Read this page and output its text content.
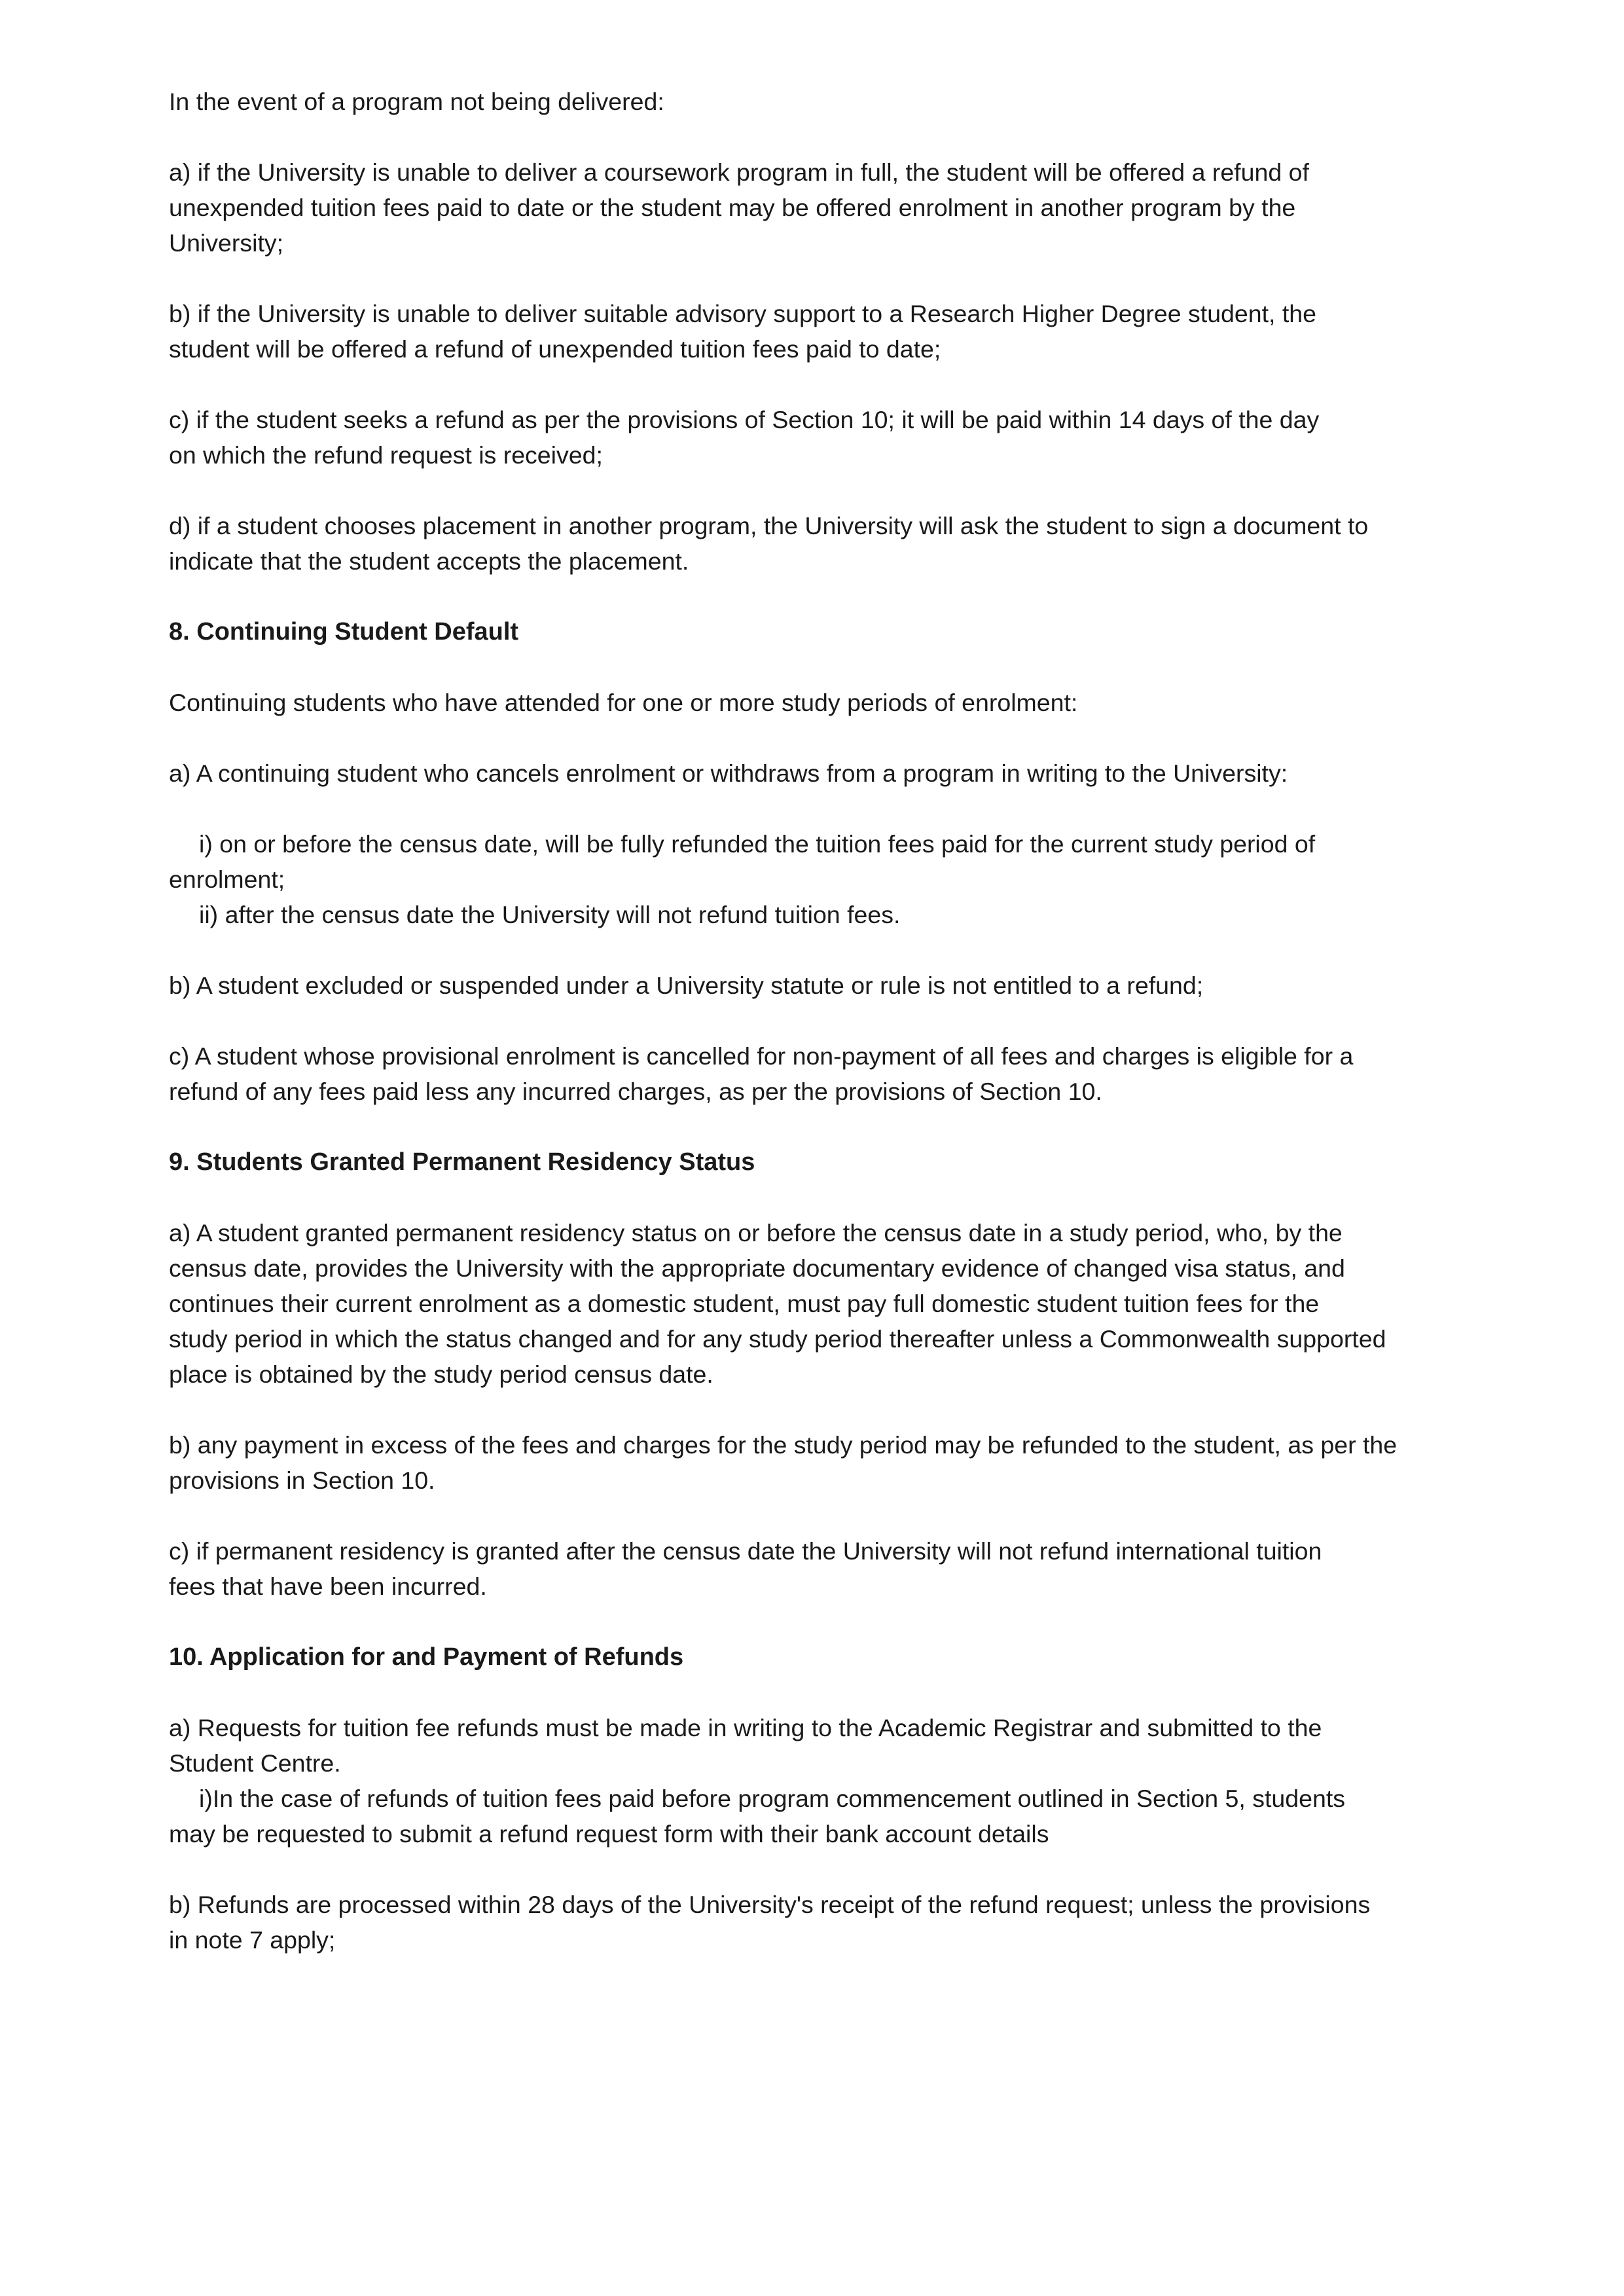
In the event of a program not being delivered:

a) if the University is unable to deliver a coursework program in full, the student will be offered a refund of
unexpended tuition fees paid to date or the student may be offered enrolment in another program by the
University;

b) if the University is unable to deliver suitable advisory support to a Research Higher Degree student, the
student will be offered a refund of unexpended tuition fees paid to date;

c) if the student seeks a refund as per the provisions of Section 10; it will be paid within 14 days of the day
on which the refund request is received;

d) if a student chooses placement in another program, the University will ask the student to sign a document to
indicate that the student accepts the placement.

8. Continuing Student Default

Continuing students who have attended for one or more study periods of enrolment:

a) A continuing student who cancels enrolment or withdraws from a program in writing to the University:

i) on or before the census date, will be fully refunded the tuition fees paid for the current study period of

enrolment;

ii) after the census date the University will not refund tuition fees.

b) A student excluded or suspended under a University statute or rule is not entitled to a refund;

c) A student whose provisional enrolment is cancelled for non-payment of all fees and charges is eligible for a
refund of any fees paid less any incurred charges, as per the provisions of Section 10.

9. Students Granted Permanent Residency Status

a) A student granted permanent residency status on or before the census date in a study period, who, by the
census date, provides the University with the appropriate documentary evidence of changed visa status, and
continues their current enrolment as a domestic student, must pay full domestic student tuition fees for the
study period in which the status changed and for any study period thereafter unless a Commonwealth supported
place is obtained by the study period census date.

b) any payment in excess of the fees and charges for the study period may be refunded to the student, as per the
provisions in Section 10.

c) if permanent residency is granted after the census date the University will not refund international tuition
fees that have been incurred.

10. Application for and Payment of Refunds

a) Requests for tuition fee refunds must be made in writing to the Academic Registrar and submitted to the
Student Centre.

i)In the case of refunds of tuition fees paid before program commencement outlined in Section 5, students

may be requested to submit a refund request form with their bank account details

b) Refunds are processed within 28 days of the University's receipt of the refund request; unless the provisions
in note 7 apply;
